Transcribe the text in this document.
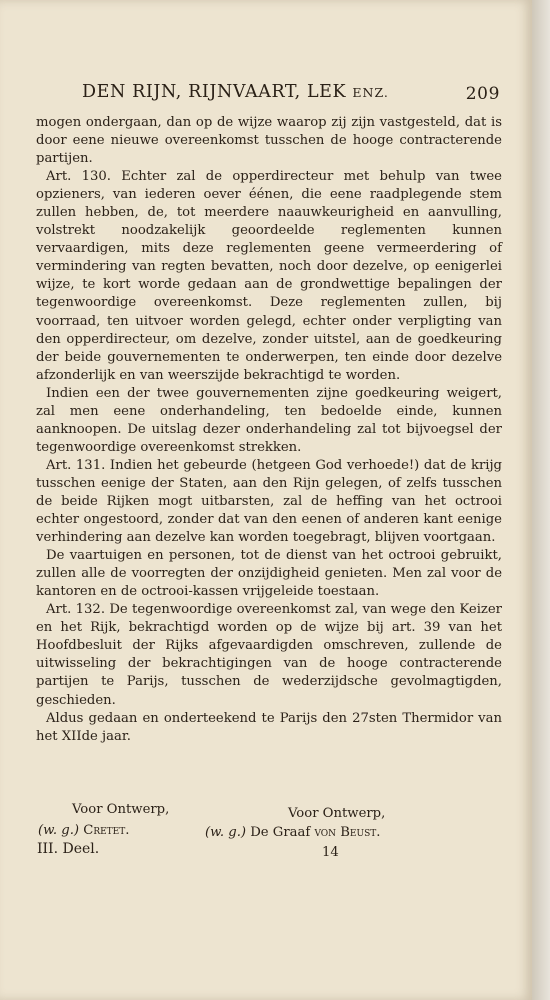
DEN RIJN, RIJNVAART, LEK ENZ.	209

mogen ondergaan, dan op de wijze waarop zij zijn vastgesteld, dat is door eene nieuwe overeenkomst tusschen de hooge contracterende partijen.

Art. 130. Echter zal de opperdirecteur met behulp van twee opzieners, van iederen oever éénen, die eene raadplegende stem zullen hebben, de, tot meerdere naauwkeurigheid en aanvulling, volstrekt noodzakelijk geoordeelde reglementen kunnen vervaardigen, mits deze reglementen geene vermeerdering of vermindering van regten bevatten, noch door dezelve, op eenigerlei wijze, te kort worde gedaan aan de grondwettige bepalingen der tegenwoordige overeenkomst. Deze reglementen zullen, bij voorraad, ten uitvoer worden gelegd, echter onder verpligting van den opperdirecteur, om dezelve, zonder uitstel, aan de goedkeuring der beide gouvernementen te onderwerpen, ten einde door dezelve afzonderlijk en van weerszijde bekrachtigd te worden.

Indien een der twee gouvernementen zijne goedkeuring weigert, zal men eene onderhandeling, ten bedoelde einde, kunnen aanknoopen. De uitslag dezer onderhandeling zal tot bijvoegsel der tegenwoordige overeenkomst strekken.

Art. 131. Indien het gebeurde (hetgeen God verhoede!) dat de krijg tusschen eenige der Staten, aan den Rijn gelegen, of zelfs tusschen de beide Rijken mogt uitbarsten, zal de heffing van het octrooi echter ongestoord, zonder dat van den eenen of anderen kant eenige verhindering aan dezelve kan worden toegebragt, blijven voortgaan.

De vaartuigen en personen, tot de dienst van het octrooi gebruikt, zullen alle de voorregten der onzijdigheid genieten. Men zal voor de kantoren en de octrooi-kassen vrijgeleide toestaan.

Art. 132. De tegenwoordige overeenkomst zal, van wege den Keizer en het Rijk, bekrachtigd worden op de wijze bij art. 39 van het Hoofdbesluit der Rijks afgevaardigden omschreven, zullende de uitwisseling der bekrachtigingen van de hooge contracterende partijen te Parijs, tusschen de wederzijdsche gevolmagtigden, geschieden.

Aldus gedaan en onderteekend te Parijs den 27sten Thermidor van het XIIde jaar.

Voor Ontwerp,	Voor Ontwerp,
(w. g.) Cretet.	(w. g.) De Graaf von Beust.
III. Deel.	14
